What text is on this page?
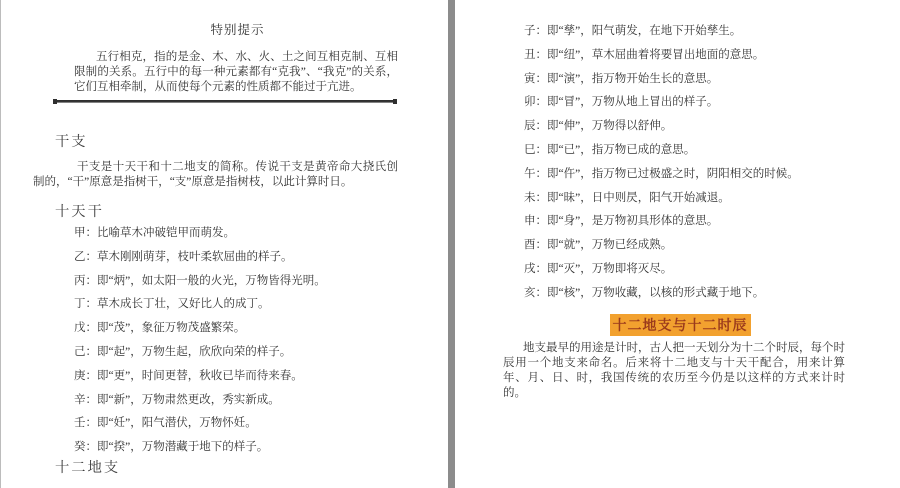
特别提示
五行相克，指的是金、木、水、火、土之间互相克制、互相限制的关系。五行中的每一种元素都有“克我”、“我克”的关系，它们互相牵制，从而使每个元素的性质都不能过于亢进。
干支
干支是十天干和十二地支的简称。传说干支是黄帝命大挠氏创制的，“干”原意是指树干，“支”原意是指树枝，以此计算时日。
十天干
甲：比喻草木冲破铠甲而萌发。
乙：草木刚刚萌芽，枝叶柔软屈曲的样子。
丙：即“炳”，如太阳一般的火光，万物皆得光明。
丁：草木成长丁壮，又好比人的成丁。
戊：即“茂”，象征万物茂盛繁荣。
己：即“起”，万物生起，欣欣向荣的样子。
庚：即“更”，时间更替，秋收已毕而待来春。
辛：即“新”，万物肃然更改，秀实新成。
壬：即“妊”，阳气潜伏，万物怀妊。
癸：即“揆”，万物潜藏于地下的样子。
十二地支
子：即“孳”，阳气萌发，在地下开始孳生。
丑：即“纽”，草木屈曲着将要冒出地面的意思。
寅：即“演”，指万物开始生长的意思。
卯：即“冒”，万物从地上冒出的样子。
辰：即“伸”，万物得以舒伸。
巳：即“已”，指万物已成的意思。
午：即“仵”，指万物已过极盛之时，阴阳相交的时候。
未：即“昧”，日中则昃，阳气开始减退。
申：即“身”，是万物初具形体的意思。
酉：即“就”，万物已经成熟。
戌：即“灭”，万物即将灭尽。
亥：即“核”，万物收藏，以核的形式藏于地下。
十二地支与十二时辰
地支最早的用途是计时，古人把一天划分为十二个时辰，每个时辰用一个地支来命名。后来将十二地支与十天干配合，用来计算年、月、日、时，我国传统的农历至今仍是以这样的方式来计时的。
